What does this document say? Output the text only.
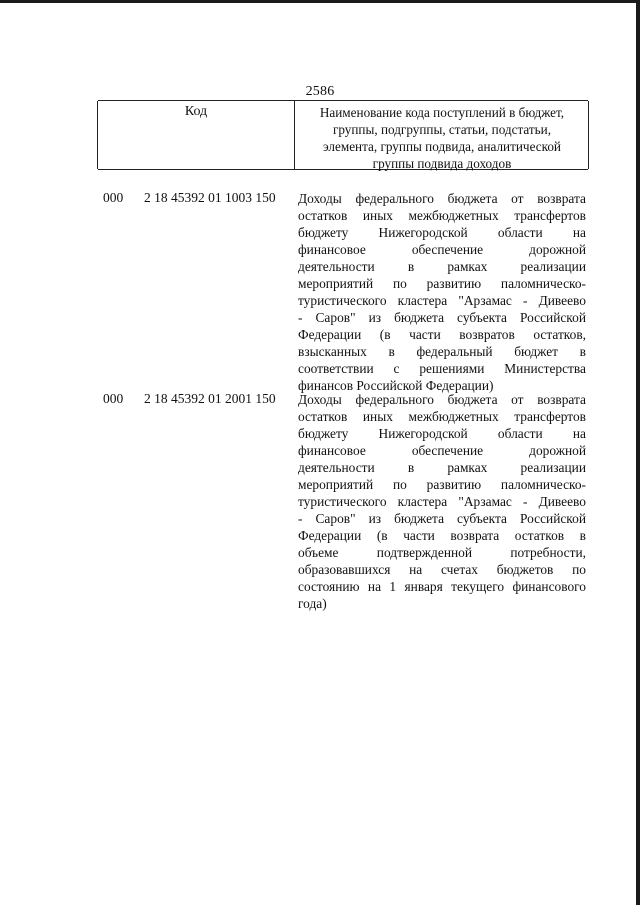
2586
Код	Наименование кода поступлений в бюджет,
группы, подгруппы, статьи, подстатьи,
элемента, группы подвида, аналитической
группы подвида доходов
000 2 18 45392 01 1003 150 Доходы федерального бюджета от возврата
остатков иных межбюджетных трансфертов
бюджету Нижегородской области на
финансовое обеспечение дорожной
деятельности в рамках реализации
мероприятий по развитию паломническо-
туристического кластера "Арзамас - Дивеево
- Саров" из бюджета субъекта Российской
Федерации (в части возвратов остатков,
взысканных в федеральный бюджет в
соответствии с решениями Министерства
финансов Российской Федерации)
000 2 18 45392 01 2001 150 Доходы федерального бюджета от возврата
остатков иных межбюджетных трансфертов
бюджету Нижегородской области на
финансовое обеспечение дорожной
деятельности в рамках реализации
мероприятий по развитию паломническо-
туристического кластера "Арзамас - Дивеево
- Саров" из бюджета субъекта Российской
Федерации (в части возврата остатков в
объеме подтвержденной потребности,
образовавшихся на счетах бюджетов по
состоянию на 1 января текущего финансового
года)
